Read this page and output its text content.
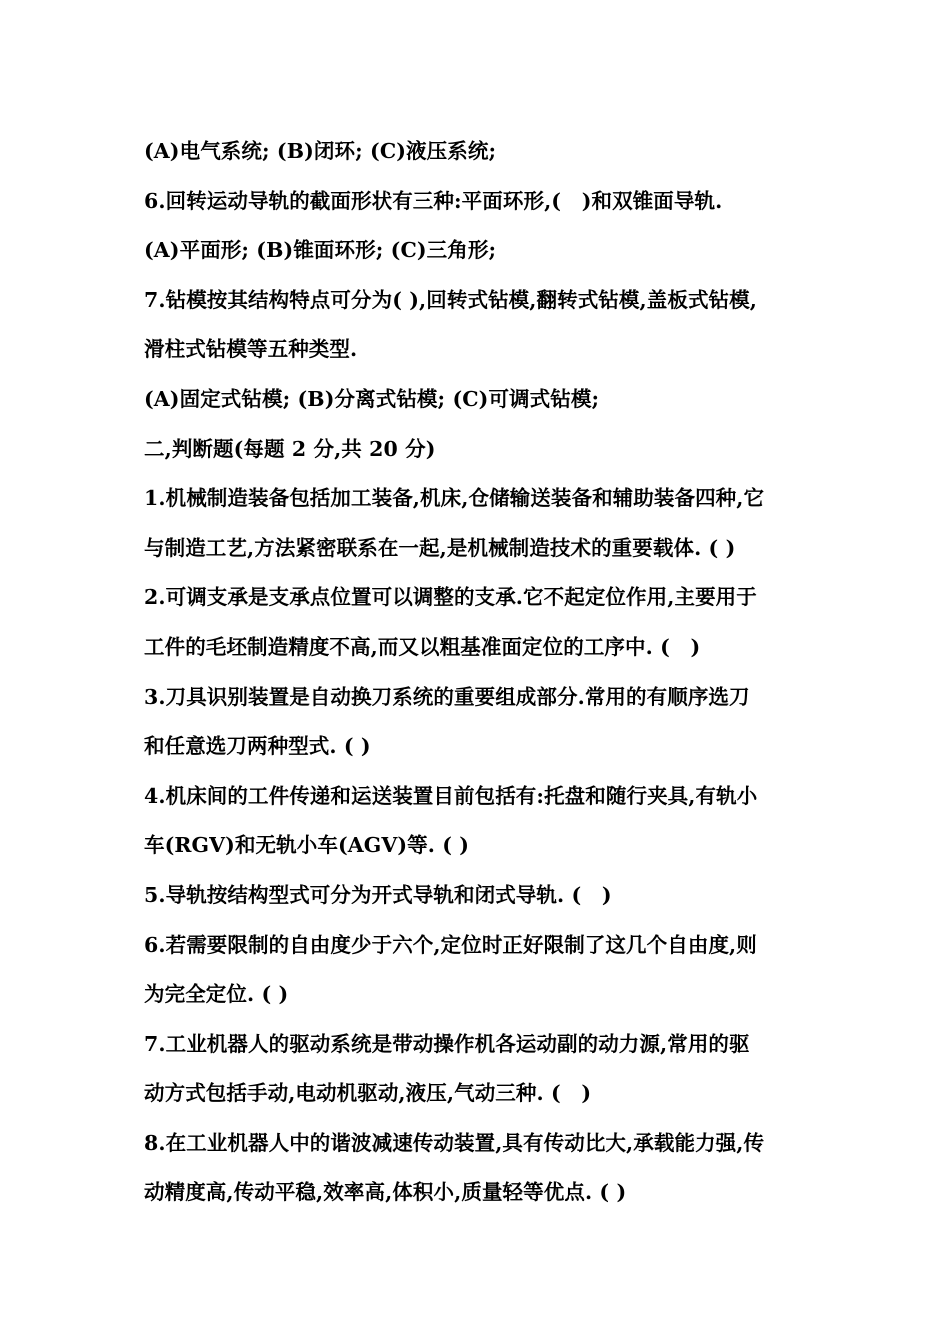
(A)电气系统; (B)闭环; (C)液压系统;
6.回转运动导轨的截面形状有三种:平面环形,(　)和双锥面导轨.
(A)平面形; (B)锥面环形; (C)三角形;
7.钻模按其结构特点可分为( ),回转式钻模,翻转式钻模,盖板式钻模,
滑柱式钻模等五种类型.
(A)固定式钻模; (B)分离式钻模; (C)可调式钻模;
二,判断题(每题 2 分,共 20 分)
1.机械制造装备包括加工装备,机床,仓储输送装备和辅助装备四种,它
与制造工艺,方法紧密联系在一起,是机械制造技术的重要载体. ( )
2.可调支承是支承点位置可以调整的支承.它不起定位作用,主要用于
工件的毛坯制造精度不高,而又以粗基准面定位的工序中. (　)
3.刀具识别装置是自动换刀系统的重要组成部分.常用的有顺序选刀
和任意选刀两种型式. ( )
4.机床间的工件传递和运送装置目前包括有:托盘和随行夹具,有轨小
车(RGV)和无轨小车(AGV)等. ( )
5.导轨按结构型式可分为开式导轨和闭式导轨. (　)
6.若需要限制的自由度少于六个,定位时正好限制了这几个自由度,则
为完全定位. ( )
7.工业机器人的驱动系统是带动操作机各运动副的动力源,常用的驱
动方式包括手动,电动机驱动,液压,气动三种. (　)
8.在工业机器人中的谐波减速传动装置,具有传动比大,承载能力强,传
动精度高,传动平稳,效率高,体积小,质量轻等优点. ( )
